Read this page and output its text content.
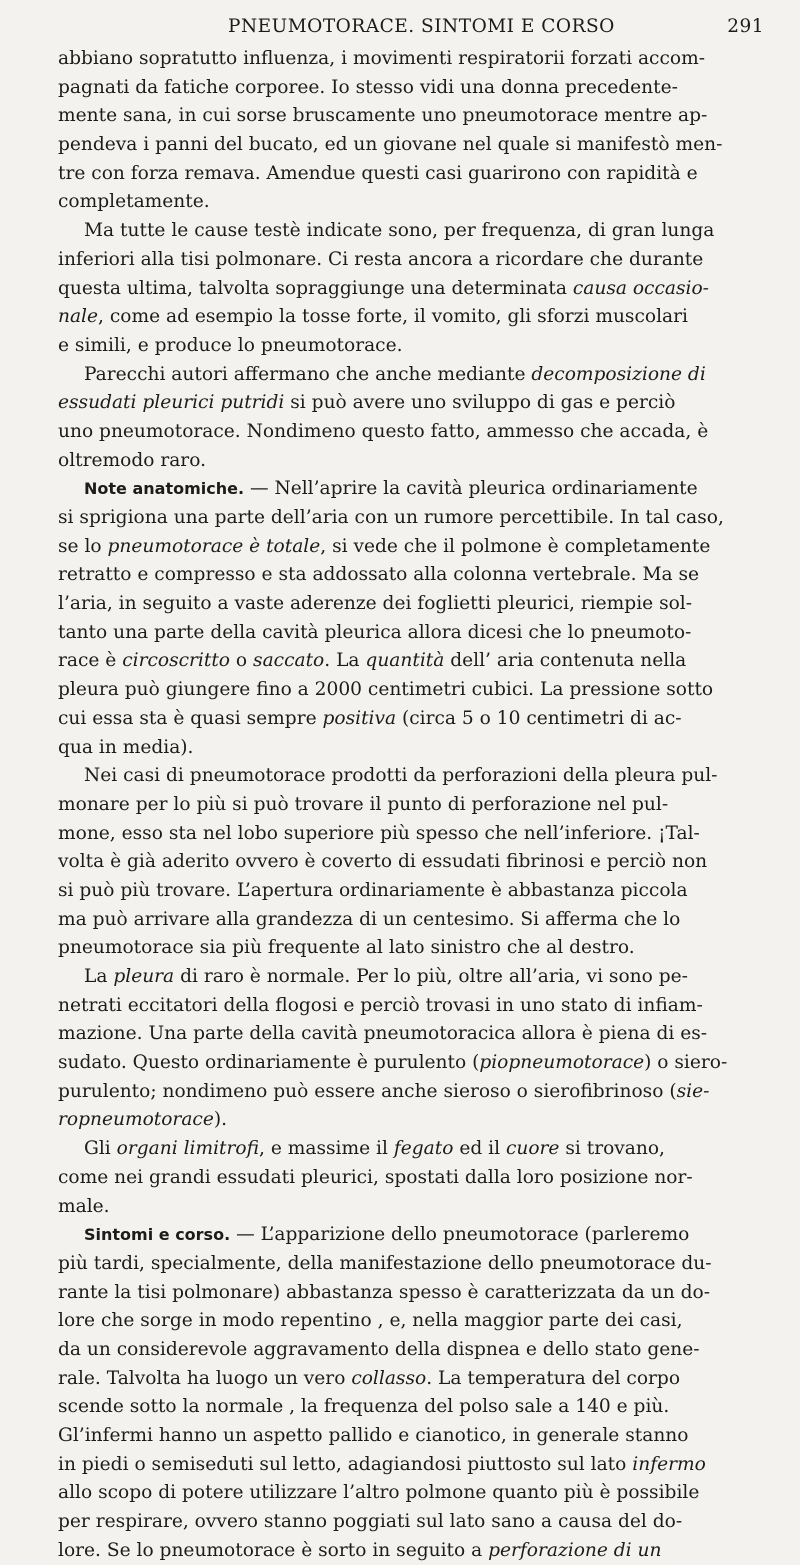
PNEUMOTORACE. SINTOMI E CORSO	291
abbiano sopratutto influenza, i movimenti respiratorii forzati accom-
pagnati da fatiche corporee. Io stesso vidi una donna precedente-
mente sana, in cui sorse bruscamente uno pneumotorace mentre ap-
pendeva i panni del bucato, ed un giovane nel quale si manifestò men-
tre con forza remava. Amendue questi casi guarirono con rapidità e
completamente.
Ma tutte le cause testè indicate sono, per frequenza, di gran lunga
inferiori alla tisi polmonare. Ci resta ancora a ricordare che durante
questa ultima, talvolta sopraggiunge una determinata causa occasio-
nale, come ad esempio la tosse forte, il vomito, gli sforzi muscolari
e simili, e produce lo pneumotorace.
Parecchi autori affermano che anche mediante decomposizione di
essudati pleurici putridi si può avere uno sviluppo di gas e perciò
uno pneumotorace. Nondimeno questo fatto, ammesso che accada, è
oltremodo raro.
Note anatomiche. — Nell’aprire la cavità pleurica ordinariamente
si sprigiona una parte dell’aria con un rumore percettibile. In tal caso,
se lo pneumotorace è totale, si vede che il polmone è completamente
retratto e compresso e sta addossato alla colonna vertebrale. Ma se
l’aria, in seguito a vaste aderenze dei foglietti pleurici, riempie sol-
tanto una parte della cavità pleurica allora dicesi che lo pneumoto-
race è circoscritto o saccato. La quantità dell’ aria contenuta nella
pleura può giungere fino a 2000 centimetri cubici. La pressione sotto
cui essa sta è quasi sempre positiva (circa 5 o 10 centimetri di ac-
qua in media).
Nei casi di pneumotorace prodotti da perforazioni della pleura pul-
monare per lo più si può trovare il punto di perforazione nel pul-
mone, esso sta nel lobo superiore più spesso che nell’inferiore. ¡Tal-
volta è già aderito ovvero è coverto di essudati fibrinosi e perciò non
si può più trovare. L’apertura ordinariamente è abbastanza piccola
ma può arrivare alla grandezza di un centesimo. Si afferma che lo
pneumotorace sia più frequente al lato sinistro che al destro.
La pleura di raro è normale. Per lo più, oltre all’aria, vi sono pe-
netrati eccitatori della flogosi e perciò trovasi in uno stato di infiam-
mazione. Una parte della cavità pneumotoracica allora è piena di es-
sudato. Questo ordinariamente è purulento (piopneumotorace) o siero-
purulento; nondimeno può essere anche sieroso o sierofibrinoso (sie-
ropneumotorace).
Gli organi limitrofi, e massime il fegato ed il cuore si trovano,
come nei grandi essudati pleurici, spostati dalla loro posizione nor-
male.
Sintomi e corso. — L’apparizione dello pneumotorace (parleremo
più tardi, specialmente, della manifestazione dello pneumotorace du-
rante la tisi polmonare) abbastanza spesso è caratterizzata da un do-
lore che sorge in modo repentino , e, nella maggior parte dei casi,
da un considerevole aggravamento della dispnea e dello stato gene-
rale. Talvolta ha luogo un vero collasso. La temperatura del corpo
scende sotto la normale , la frequenza del polso sale a 140 e più.
Gl’infermi hanno un aspetto pallido e cianotico, in generale stanno
in piedi o semiseduti sul letto, adagiandosi piuttosto sul lato infermo
allo scopo di potere utilizzare l’altro polmone quanto più è possibile
per respirare, ovvero stanno poggiati sul lato sano a causa del do-
lore. Se lo pneumotorace è sorto in seguito a perforazione di un
